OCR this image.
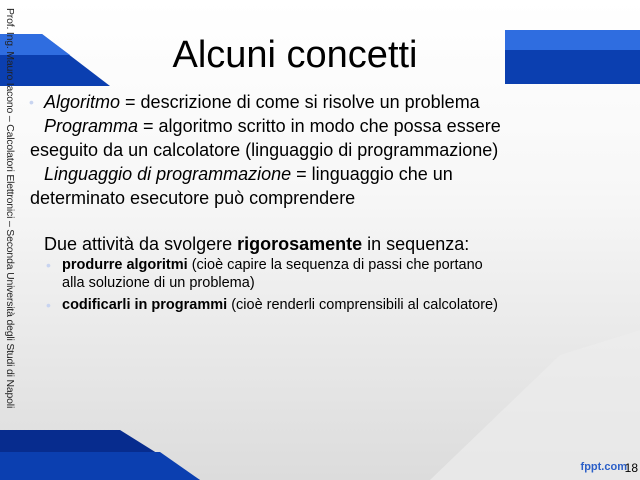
Prof. Ing. Mauro Iacono – Calcolatori Elettronici – Seconda Università degli Studi di Napoli	Alcuni concetti
• Algoritmo = descrizione di come si risolve un problema
Programma = algoritmo scritto in modo che possa essere
eseguito da un calcolatore (linguaggio di programmazione)
Linguaggio di programmazione = linguaggio che un
determinato esecutore può comprendere
Due attività da svolgere rigorosamente in sequenza:
• produrre algoritmi (cioè capire la sequenza di passi che portano
alla soluzione di un problema)
• codificarli in programmi (cioè renderli comprensibili al calcolatore)
fppt.com
18
